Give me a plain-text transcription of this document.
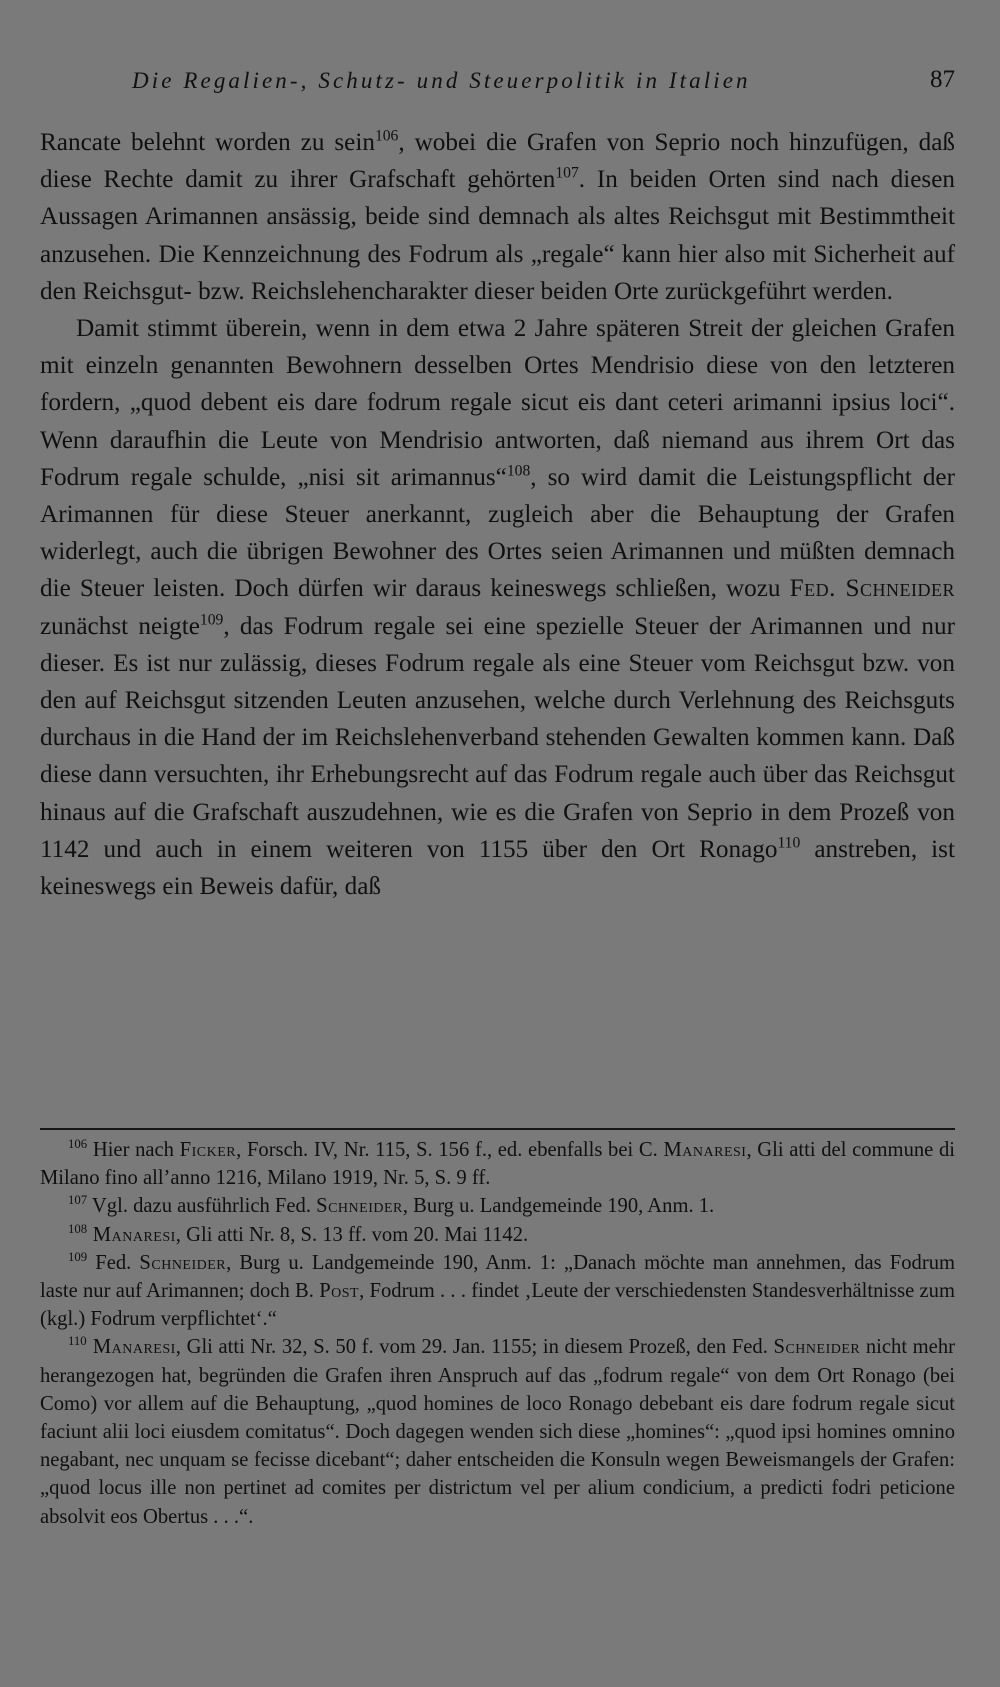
Die Regalien-, Schutz- und Steuerpolitik in Italien	87

Rancate belehnt worden zu sein$^{106}$, wobei die Grafen von Seprio noch hinzufügen, daß diese Rechte damit zu ihrer Grafschaft gehörten$^{107}$. In beiden Orten sind nach diesen Aussagen Arimannen ansässig, beide sind demnach als altes Reichsgut mit Bestimmtheit anzusehen. Die Kennzeichnung des Fodrum als „regale“ kann hier also mit Sicherheit auf den Reichsgut- bzw. Reichslehencharakter dieser beiden Orte zurückgeführt werden.

Damit stimmt überein, wenn in dem etwa 2 Jahre späteren Streit der gleichen Grafen mit einzeln genannten Bewohnern desselben Ortes Mendrisio diese von den letzteren fordern, „quod debent eis dare fodrum regale sicut eis dant ceteri arimanni ipsius loci“. Wenn daraufhin die Leute von Mendrisio antworten, daß niemand aus ihrem Ort das Fodrum regale schulde, „nisi sit arimannus“$^{108}$, so wird damit die Leistungspflicht der Arimannen für diese Steuer anerkannt, zugleich aber die Behauptung der Grafen widerlegt, auch die übrigen Bewohner des Ortes seien Arimannen und müßten demnach die Steuer leisten. Doch dürfen wir daraus keineswegs schließen, wozu Fed. Schneider zunächst neigte$^{109}$, das Fodrum regale sei eine spezielle Steuer der Arimannen und nur dieser. Es ist nur zulässig, dieses Fodrum regale als eine Steuer vom Reichsgut bzw. von den auf Reichsgut sitzenden Leuten anzusehen, welche durch Verlehnung des Reichsguts durchaus in die Hand der im Reichslehenverband stehenden Gewalten kommen kann. Daß diese dann versuchten, ihr Erhebungsrecht auf das Fodrum regale auch über das Reichsgut hinaus auf die Grafschaft auszudehnen, wie es die Grafen von Seprio in dem Prozeß von 1142 und auch in einem weiteren von 1155 über den Ort Ronago$^{110}$ anstreben, ist keineswegs ein Beweis dafür, daß

$^{106}$ Hier nach Ficker, Forsch. IV, Nr. 115, S. 156 f., ed. ebenfalls bei C. Manaresi, Gli atti del commune di Milano fino all’anno 1216, Milano 1919, Nr. 5, S. 9 ff.

$^{107}$ Vgl. dazu ausführlich Fed. Schneider, Burg u. Landgemeinde 190, Anm. 1.

$^{108}$ Manaresi, Gli atti Nr. 8, S. 13 ff. vom 20. Mai 1142.

$^{109}$ Fed. Schneider, Burg u. Landgemeinde 190, Anm. 1: „Danach möchte man annehmen, das Fodrum laste nur auf Arimannen; doch B. Post, Fodrum . . . findet ‚Leute der verschiedensten Standesverhältnisse zum (kgl.) Fodrum verpflichtet‘.“

$^{110}$ Manaresi, Gli atti Nr. 32, S. 50 f. vom 29. Jan. 1155; in diesem Prozeß, den Fed. Schneider nicht mehr herangezogen hat, begründen die Grafen ihren Anspruch auf das „fodrum regale“ von dem Ort Ronago (bei Como) vor allem auf die Behauptung, „quod homines de loco Ronago debebant eis dare fodrum regale sicut faciunt alii loci eiusdem comitatus“. Doch dagegen wenden sich diese „homines“: „quod ipsi homines omnino negabant, nec unquam se fecisse dicebant“; daher entscheiden die Konsuln wegen Beweismangels der Grafen: „quod locus ille non pertinet ad comites per districtum vel per alium condicium, a predicti fodri peticione absolvit eos Obertus . . .“.
